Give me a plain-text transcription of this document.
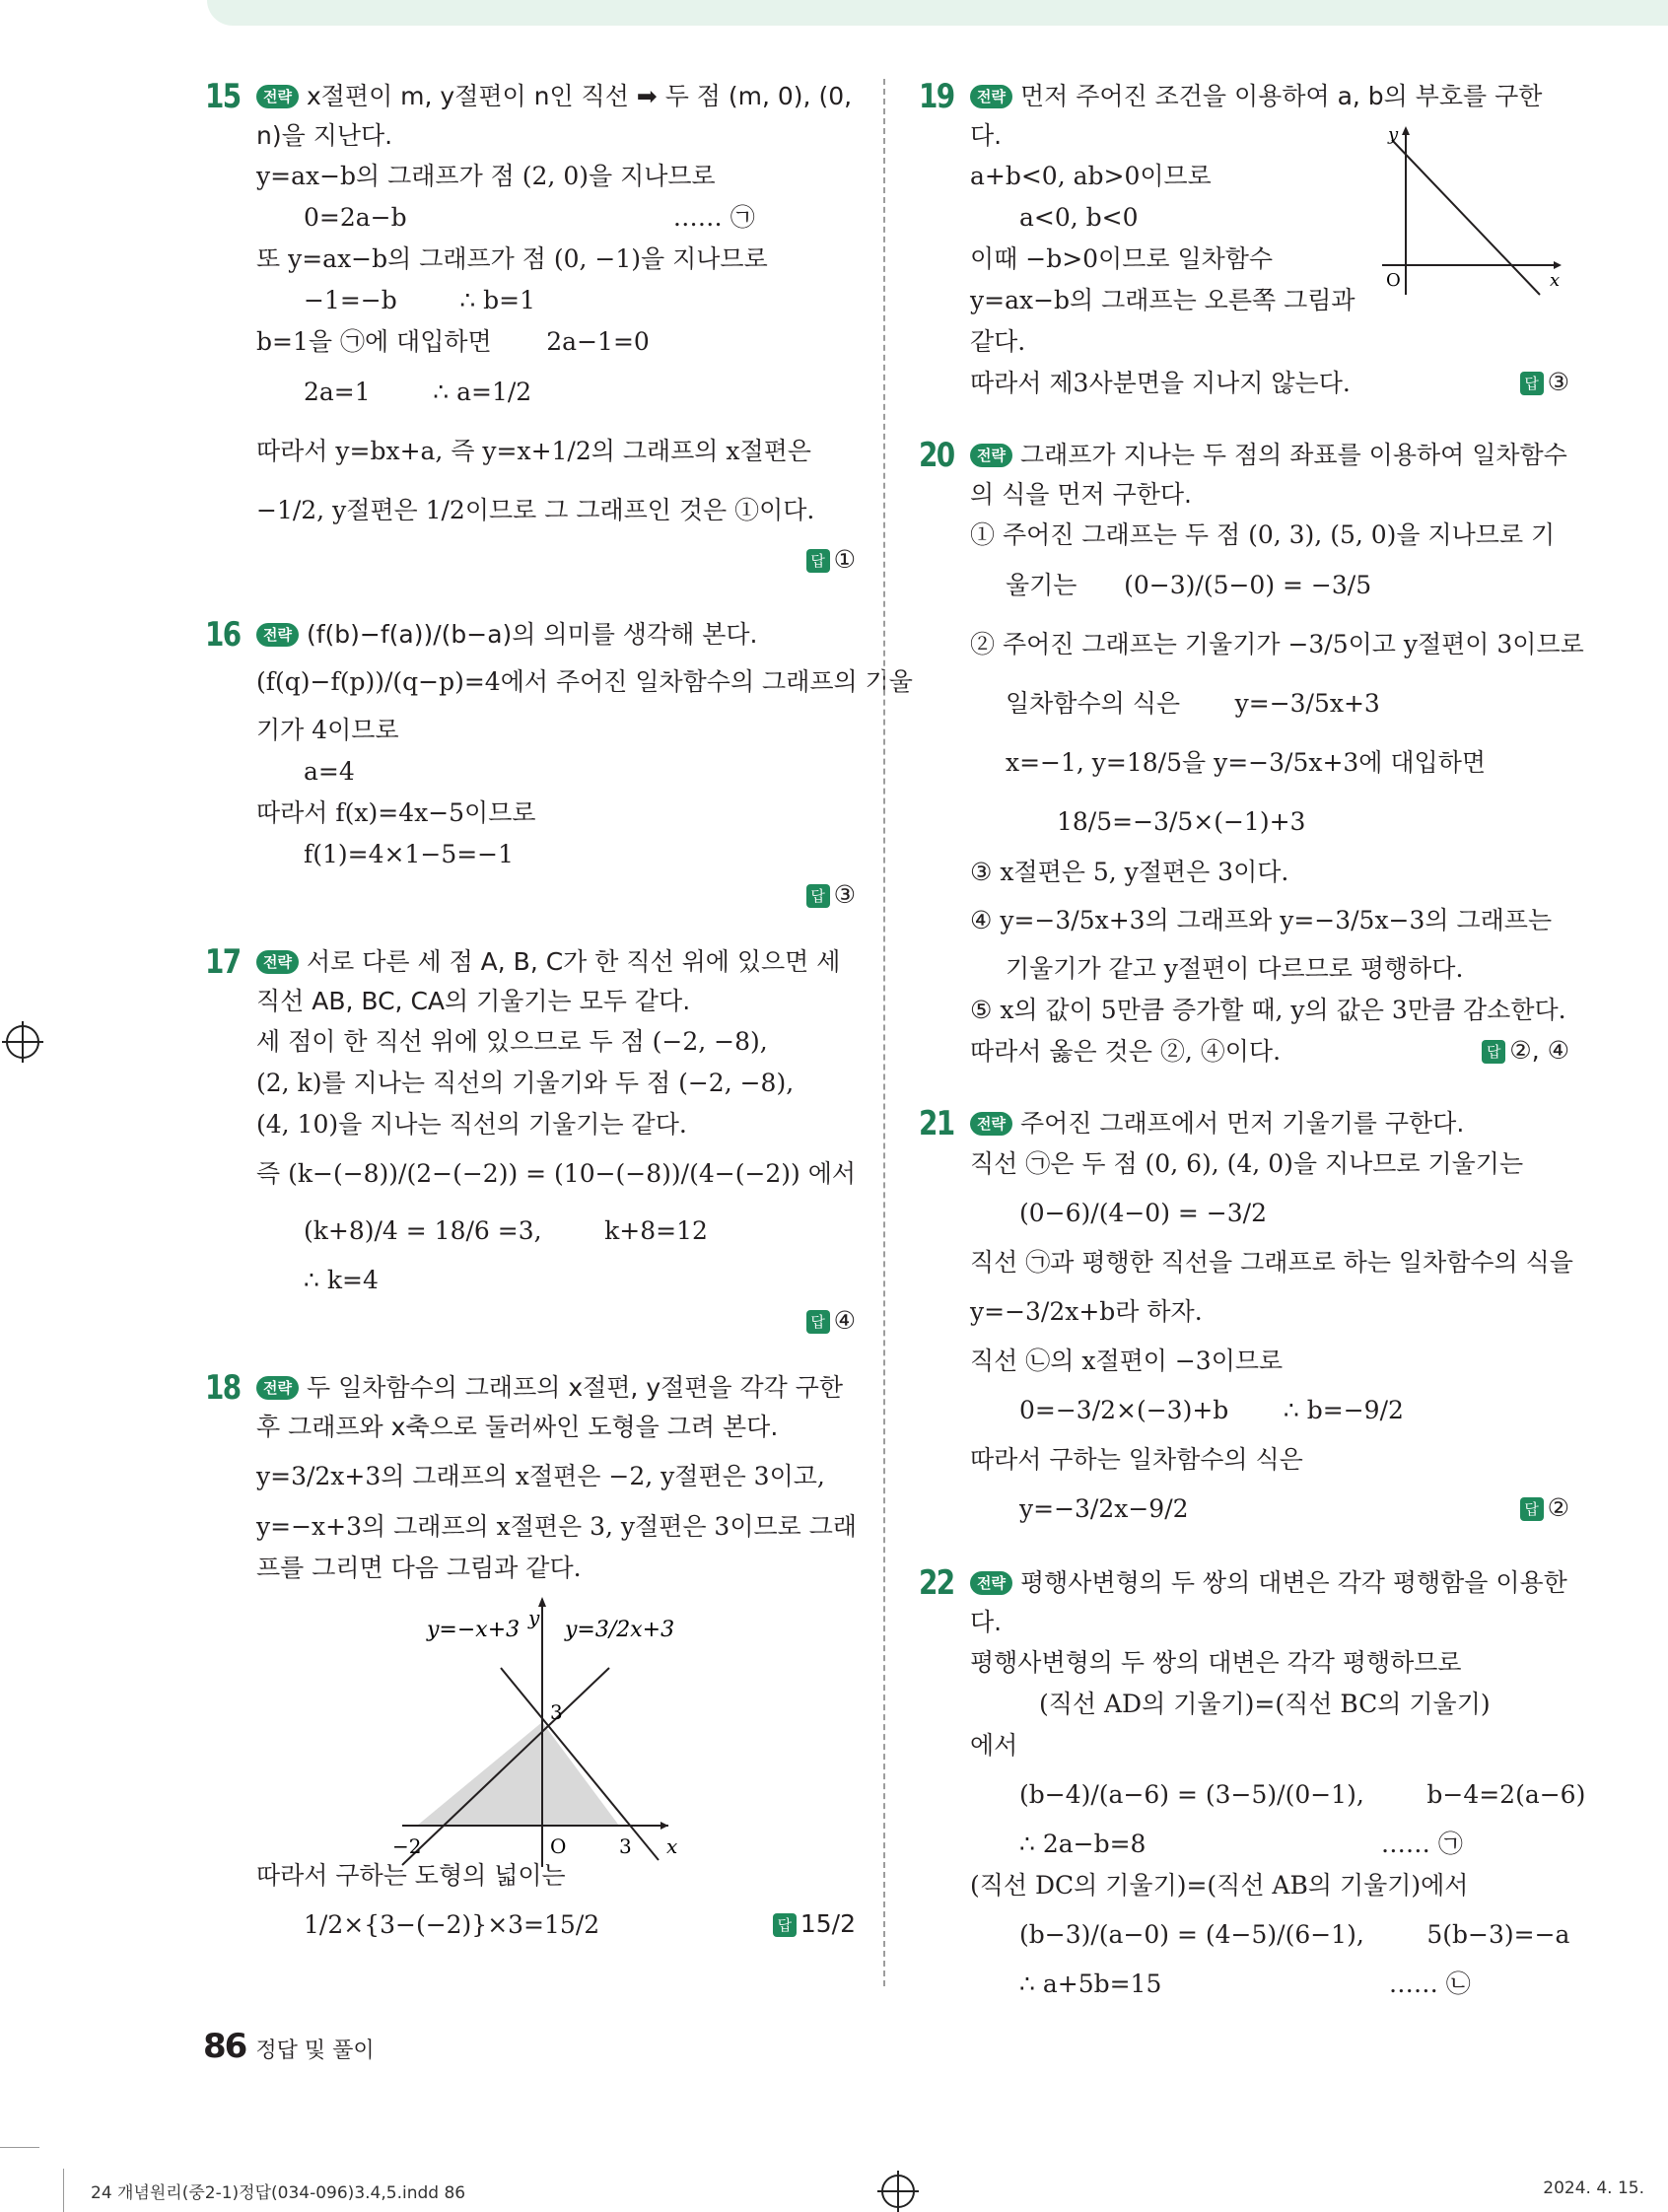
15	전략 x절편이 m, y절편이 n인 직선 ➡ 두 점 (m, 0), (0, n)을 지난다.
y=ax−b의 그래프가 점 (2, 0)을 지나므로
0=2a−b                                  …… ㉠
또 y=ax−b의 그래프가 점 (0, −1)을 지나므로
−1=−b        ∴ b=1
b=1을 ㉠에 대입하면       2a−1=0
2a=1        ∴ a=1/2
따라서 y=bx+a, 즉 y=x+1/2의 그래프의 x절편은
−1/2, y절편은 1/2이므로 그 그래프인 것은 ①이다.
답 ①
16	전략 (f(b)−f(a))/(b−a)의 의미를 생각해 본다.
(f(q)−f(p))/(q−p)=4에서 주어진 일차함수의 그래프의 기울
기가 4이므로
a=4
따라서 f(x)=4x−5이므로
f(1)=4×1−5=−1
답 ③
17	전략 서로 다른 세 점 A, B, C가 한 직선 위에 있으면 세 직선 AB, BC, CA의 기울기는 모두 같다.
세 점이 한 직선 위에 있으므로 두 점 (−2, −8),
(2, k)를 지나는 직선의 기울기와 두 점 (−2, −8),
(4, 10)을 지나는 직선의 기울기는 같다.
즉 (k−(−8))/(2−(−2)) = (10−(−8))/(4−(−2)) 에서
(k+8)/4 = 18/6 =3,        k+8=12
∴ k=4
답 ④
18	전략 두 일차함수의 그래프의 x절편, y절편을 각각 구한 후 그래프와 x축으로 둘러싸인 도형을 그려 본다.
y=3/2x+3의 그래프의 x절편은 −2, y절편은 3이고,
y=−x+3의 그래프의 x절편은 3, y절편은 3이므로 그래
프를 그리면 다음 그림과 같다.
y=−x+3 y y=3/2x+3
3
−2	O	3 x
따라서 구하는 도형의 넓이는
1/2×{3−(−2)}×3=15/2	답 15/2
19	전략 먼저 주어진 조건을 이용하여 a, b의 부호를 구한다.	y
O	x
a+b<0, ab>0이므로
a<0, b<0
이때 −b>0이므로 일차함수
y=ax−b의 그래프는 오른쪽 그림과
같다.
따라서 제3사분면을 지나지 않는다.	답 ③
20	전략 그래프가 지나는 두 점의 좌표를 이용하여 일차함수의 식을 먼저 구한다.
① 주어진 그래프는 두 점 (0, 3), (5, 0)을 지나므로 기
울기는      (0−3)/(5−0) = −3/5
② 주어진 그래프는 기울기가 −3/5이고 y절편이 3이므로
일차함수의 식은       y=−3/5x+3
x=−1, y=18/5을 y=−3/5x+3에 대입하면
18/5=−3/5×(−1)+3
③ x절편은 5, y절편은 3이다.
④ y=−3/5x+3의 그래프와 y=−3/5x−3의 그래프는
기울기가 같고 y절편이 다르므로 평행하다.
⑤ x의 값이 5만큼 증가할 때, y의 값은 3만큼 감소한다.
따라서 옳은 것은 ②, ④이다.	답 ②, ④
21	전략 주어진 그래프에서 먼저 기울기를 구한다.
직선 ㉠은 두 점 (0, 6), (4, 0)을 지나므로 기울기는
(0−6)/(4−0) = −3/2
직선 ㉠과 평행한 직선을 그래프로 하는 일차함수의 식을
y=−3/2x+b라 하자.
직선 ㉡의 x절편이 −3이므로
0=−3/2×(−3)+b       ∴ b=−9/2
따라서 구하는 일차함수의 식은
y=−3/2x−9/2	답 ②
22	전략 평행사변형의 두 쌍의 대변은 각각 평행함을 이용한다.
평행사변형의 두 쌍의 대변은 각각 평행하므로
(직선 AD의 기울기)=(직선 BC의 기울기)
에서
(b−4)/(a−6) = (3−5)/(0−1),        b−4=2(a−6)
∴ 2a−b=8                              …… ㉠
(직선 DC의 기울기)=(직선 AB의 기울기)에서
(b−3)/(a−0) = (4−5)/(6−1),        5(b−3)=−a
∴ a+5b=15                             …… ㉡
86 정답 및 풀이
24 개념원리(중2-1)정답(034-096)3.4,5.indd 86	2024. 4. 15.
